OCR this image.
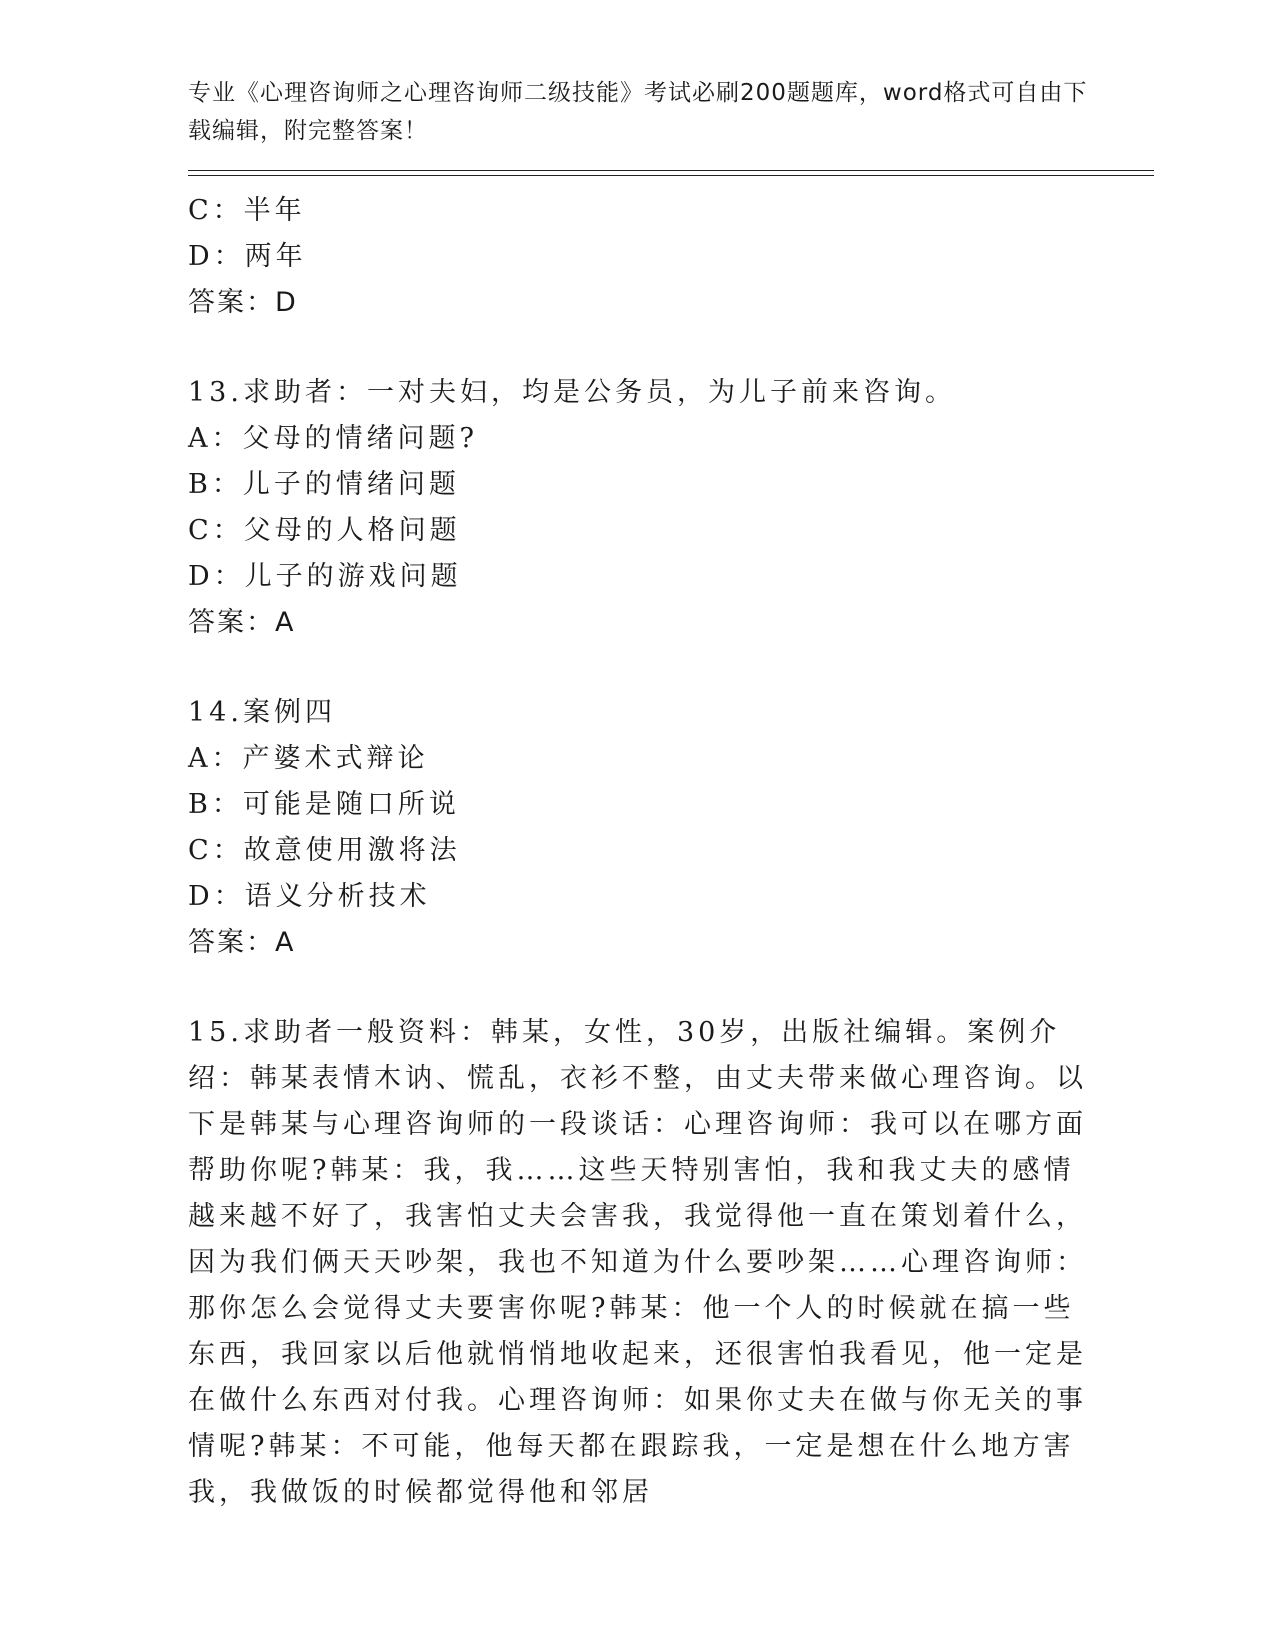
专业《心理咨询师之心理咨询师二级技能》考试必刷200题题库，word格式可自由下载编辑，附完整答案！
C：半年
D：两年
答案：D
13.求助者：一对夫妇，均是公务员，为儿子前来咨询。
A：父母的情绪问题?
B：儿子的情绪问题
C：父母的人格问题
D：儿子的游戏问题
答案：A
14.案例四
A：产婆术式辩论
B：可能是随口所说
C：故意使用激将法
D：语义分析技术
答案：A
15.求助者一般资料：韩某，女性，30岁，出版社编辑。案例介绍：韩某表情木讷、慌乱，衣衫不整，由丈夫带来做心理咨询。以下是韩某与心理咨询师的一段谈话：心理咨询师：我可以在哪方面帮助你呢?韩某：我，我……这些天特别害怕，我和我丈夫的感情越来越不好了，我害怕丈夫会害我，我觉得他一直在策划着什么，因为我们俩天天吵架，我也不知道为什么要吵架……心理咨询师：那你怎么会觉得丈夫要害你呢?韩某：他一个人的时候就在搞一些东西，我回家以后他就悄悄地收起来，还很害怕我看见，他一定是在做什么东西对付我。心理咨询师：如果你丈夫在做与你无关的事情呢?韩某：不可能，他每天都在跟踪我，一定是想在什么地方害我，我做饭的时候都觉得他和邻居
